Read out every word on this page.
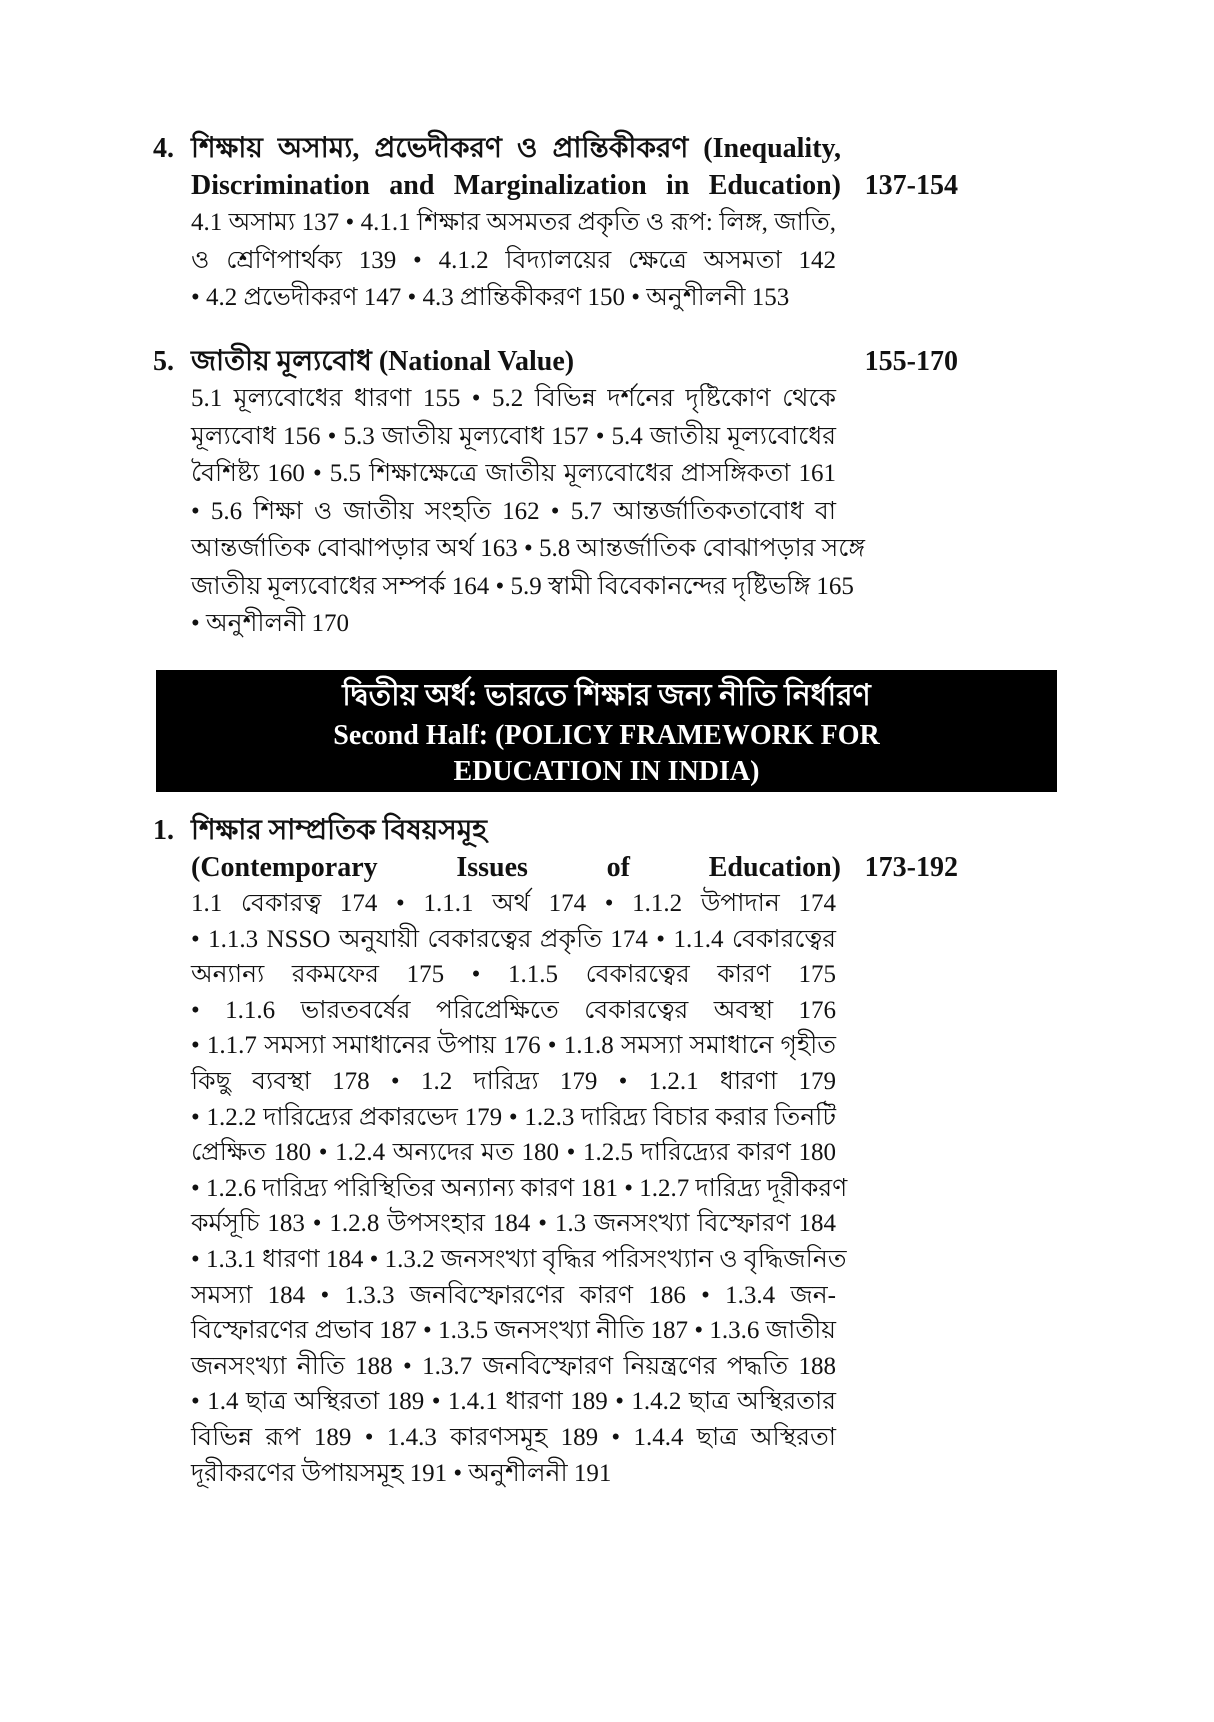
4. শিক্ষায় অসাম্য, প্রভেদীকরণ ও প্রান্তিকীকরণ (Inequality,
Discrimination and Marginalization in Education) 137-154
4.1 অসাম্য 137 • 4.1.1 শিক্ষার অসমতর প্রকৃতি ও রূপ: লিঙ্গ, জাতি,
ও শ্রেণিপার্থক্য 139 • 4.1.2 বিদ্যালয়ের ক্ষেত্রে অসমতা 142
• 4.2 প্রভেদীকরণ 147 • 4.3 প্রান্তিকীকরণ 150 • অনুশীলনী 153
5. জাতীয় মূল্যবোধ (National Value)	155-170
5.1 মূল্যবোধের ধারণা 155 • 5.2 বিভিন্ন দর্শনের দৃষ্টিকোণ থেকে
মূল্যবোধ 156 • 5.3 জাতীয় মূল্যবোধ 157 • 5.4 জাতীয় মূল্যবোধের
বৈশিষ্ট্য 160 • 5.5 শিক্ষাক্ষেত্রে জাতীয় মূল্যবোধের প্রাসঙ্গিকতা 161
• 5.6 শিক্ষা ও জাতীয় সংহতি 162 • 5.7 আন্তর্জাতিকতাবোধ বা
আন্তর্জাতিক বোঝাপড়ার অর্থ 163 • 5.8 আন্তর্জাতিক বোঝাপড়ার সঙ্গে
জাতীয় মূল্যবোধের সম্পর্ক 164 • 5.9 স্বামী বিবেকানন্দের দৃষ্টিভঙ্গি 165
• অনুশীলনী 170
দ্বিতীয় অর্ধ: ভারতে শিক্ষার জন্য নীতি নির্ধারণ
Second Half: (POLICY FRAMEWORK FOR
EDUCATION IN INDIA)
1. শিক্ষার সাম্প্রতিক বিষয়সমূহ
(Contemporary Issues of Education) 173-192
1.1 বেকারত্ব 174 • 1.1.1 অর্থ 174 • 1.1.2 উপাদান 174
• 1.1.3 NSSO অনুযায়ী বেকারত্বের প্রকৃতি 174 • 1.1.4 বেকারত্বের
অন্যান্য রকমফের 175 • 1.1.5 বেকারত্বের কারণ 175
• 1.1.6 ভারতবর্ষের পরিপ্রেক্ষিতে বেকারত্বের অবস্থা 176
• 1.1.7 সমস্যা সমাধানের উপায় 176 • 1.1.8 সমস্যা সমাধানে গৃহীত
কিছু ব্যবস্থা 178 • 1.2 দারিদ্র্য 179 • 1.2.1 ধারণা 179
• 1.2.2 দারিদ্র্যের প্রকারভেদ 179 • 1.2.3 দারিদ্র্য বিচার করার তিনটি
প্রেক্ষিত 180 • 1.2.4 অন্যদের মত 180 • 1.2.5 দারিদ্র্যের কারণ 180
• 1.2.6 দারিদ্র্য পরিস্থিতির অন্যান্য কারণ 181 • 1.2.7 দারিদ্র্য দূরীকরণ
কর্মসূচি 183 • 1.2.8 উপসংহার 184 • 1.3 জনসংখ্যা বিস্ফোরণ 184
• 1.3.1 ধারণা 184 • 1.3.2 জনসংখ্যা বৃদ্ধির পরিসংখ্যান ও বৃদ্ধিজনিত
সমস্যা 184 • 1.3.3 জনবিস্ফোরণের কারণ 186 • 1.3.4 জন-
বিস্ফোরণের প্রভাব 187 • 1.3.5 জনসংখ্যা নীতি 187 • 1.3.6 জাতীয়
জনসংখ্যা নীতি 188 • 1.3.7 জনবিস্ফোরণ নিয়ন্ত্রণের পদ্ধতি 188
• 1.4 ছাত্র অস্থিরতা 189 • 1.4.1 ধারণা 189 • 1.4.2 ছাত্র অস্থিরতার
বিভিন্ন রূপ 189 • 1.4.3 কারণসমূহ 189 • 1.4.4 ছাত্র অস্থিরতা
দূরীকরণের উপায়সমূহ 191 • অনুশীলনী 191
